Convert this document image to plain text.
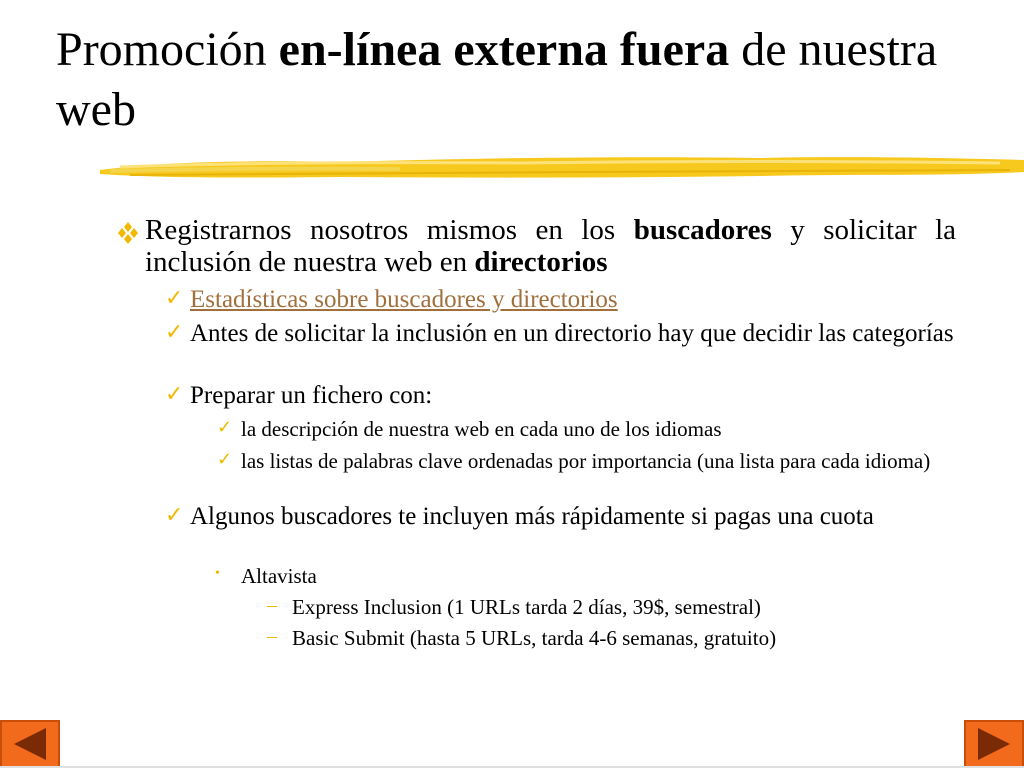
Promoción en-línea externa fuera de nuestra web
Registrarnos nosotros mismos en los buscadores y solicitar la inclusión de nuestra web en directorios
✓ Estadísticas sobre buscadores y directorios
✓ Antes de solicitar la inclusión en un directorio hay que decidir las categorías
✓ Preparar un fichero con:
✓ la descripción de nuestra web en cada uno de los idiomas
✓ las listas de palabras clave ordenadas por importancia (una lista para cada idioma)
✓ Algunos buscadores te incluyen más rápidamente si pagas una cuota
• Altavista
– Express Inclusion (1 URLs tarda 2 días, 39$, semestral)
– Basic Submit (hasta 5 URLs, tarda 4-6 semanas, gratuito)
